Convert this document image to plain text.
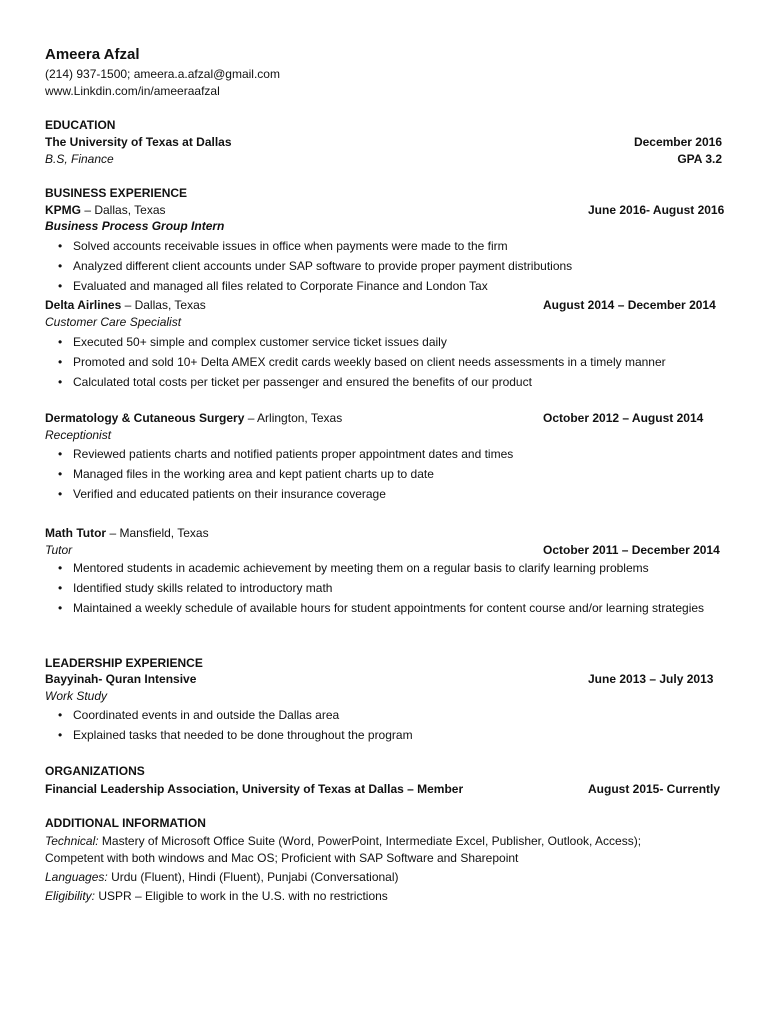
Ameera Afzal
(214) 937-1500; ameera.a.afzal@gmail.com
www.Linkdin.com/in/ameeraafzal
EDUCATION
The University of Texas at Dallas	December 2016
B.S, Finance	GPA 3.2
BUSINESS EXPERIENCE
KPMG – Dallas, Texas	June 2016- August 2016
Business Process Group Intern
• Solved accounts receivable issues in office when payments were made to the firm
• Analyzed different client accounts under SAP software to provide proper payment distributions
• Evaluated and managed all files related to Corporate Finance and London Tax
Delta Airlines – Dallas, Texas	August 2014 – December 2014
Customer Care Specialist
• Executed 50+ simple and complex customer service ticket issues daily
• Promoted and sold 10+ Delta AMEX credit cards weekly based on client needs assessments in a timely manner
• Calculated total costs per ticket per passenger and ensured the benefits of our product
Dermatology & Cutaneous Surgery – Arlington, Texas	October 2012 – August 2014
Receptionist
• Reviewed patients charts and notified patients proper appointment dates and times
• Managed files in the working area and kept patient charts up to date
• Verified and educated patients on their insurance coverage
Math Tutor – Mansfield, Texas
Tutor	October 2011 – December 2014
• Mentored students in academic achievement by meeting them on a regular basis to clarify learning problems
• Identified study skills related to introductory math
• Maintained a weekly schedule of available hours for student appointments for content course and/or learning strategies
LEADERSHIP EXPERIENCE
Bayyinah- Quran Intensive	June 2013 – July 2013
Work Study
• Coordinated events in and outside the Dallas area
• Explained tasks that needed to be done throughout the program
ORGANIZATIONS
Financial Leadership Association, University of Texas at Dallas – Member	August 2015- Currently
ADDITIONAL INFORMATION
Technical: Mastery of Microsoft Office Suite (Word, PowerPoint, Intermediate Excel, Publisher, Outlook, Access);
Competent with both windows and Mac OS; Proficient with SAP Software and Sharepoint
Languages: Urdu (Fluent), Hindi (Fluent), Punjabi (Conversational)
Eligibility: USPR – Eligible to work in the U.S. with no restrictions
